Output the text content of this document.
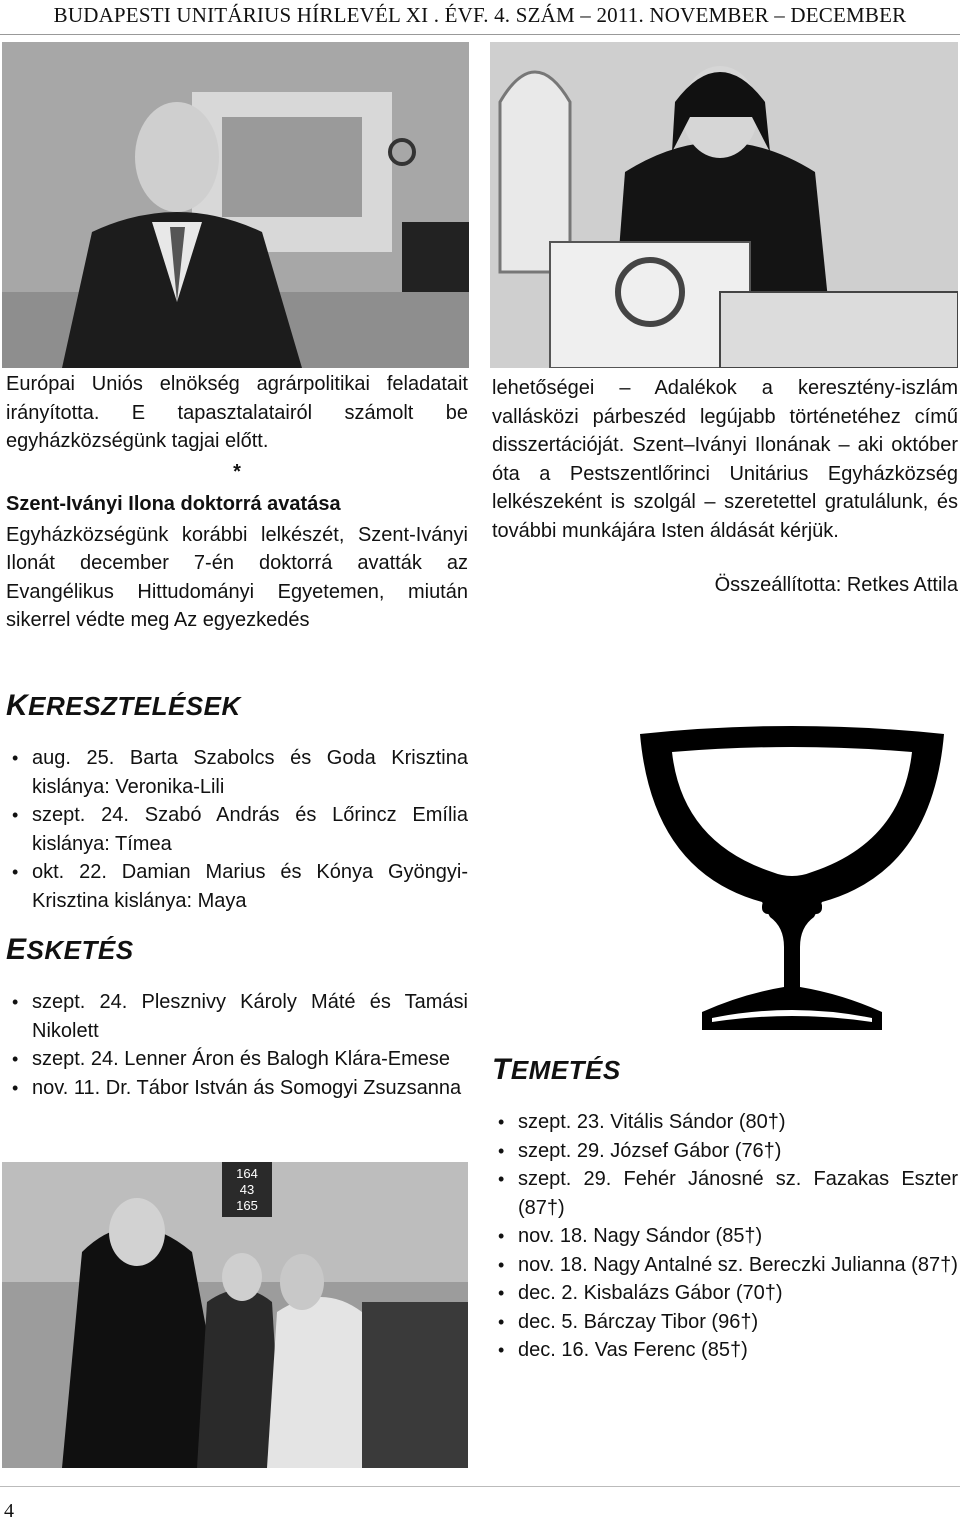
BUDAPESTI UNITÁRIUS HÍRLEVÉL XI . ÉVF. 4. SZÁM – 2011. NOVEMBER – DECEMBER
Európai Uniós elnökség agrárpolitikai feladatait irányította. E tapasztalatairól számolt be egyházközségünk tagjai előtt.
*
Szent-Iványi Ilona doktorrá avatása
Egyházközségünk korábbi lelkészét, Szent-Iványi Ilonát december 7-én doktorrá avatták az Evangélikus Hittudományi Egyetemen, miután sikerrel védte meg Az egyezkedés
lehetőségei – Adalékok a keresztény-iszlám vallásközi párbeszéd legújabb történetéhez című disszertációját. Szent–Iványi Ilonának – aki október óta a Pestszentlőrinci Unitárius Egyházközség lelkészeként is szolgál – szeretettel gratulálunk, és további munkájára Isten áldását kérjük.
Összeállította: Retkes Attila
KERESZTELÉSEK
• aug. 25. Barta Szabolcs és Goda Krisztina kislánya: Veronika-Lili
• szept. 24. Szabó András és Lőrincz Emília kislánya: Tímea
• okt. 22. Damian Marius és Kónya Gyöngyi-Krisztina kislánya: Maya
ESKETÉS
• szept. 24. Plesznivy Károly Máté és Tamási Nikolett
• szept. 24. Lenner Áron és Balogh Klára-Emese
• nov. 11. Dr. Tábor István ás Somogyi Zsuzsanna
TEMETÉS
• szept. 23. Vitális Sándor (80†)
• szept. 29. József Gábor (76†)
• szept. 29. Fehér Jánosné sz. Fazakas Eszter (87†)
• nov. 18. Nagy Sándor (85†)
• nov. 18. Nagy Antalné sz. Bereczki Julianna (87†)
• dec. 2. Kisbalázs Gábor (70†)
• dec. 5. Bárczay Tibor (96†)
• dec. 16. Vas Ferenc (85†)
164
43
165
4
